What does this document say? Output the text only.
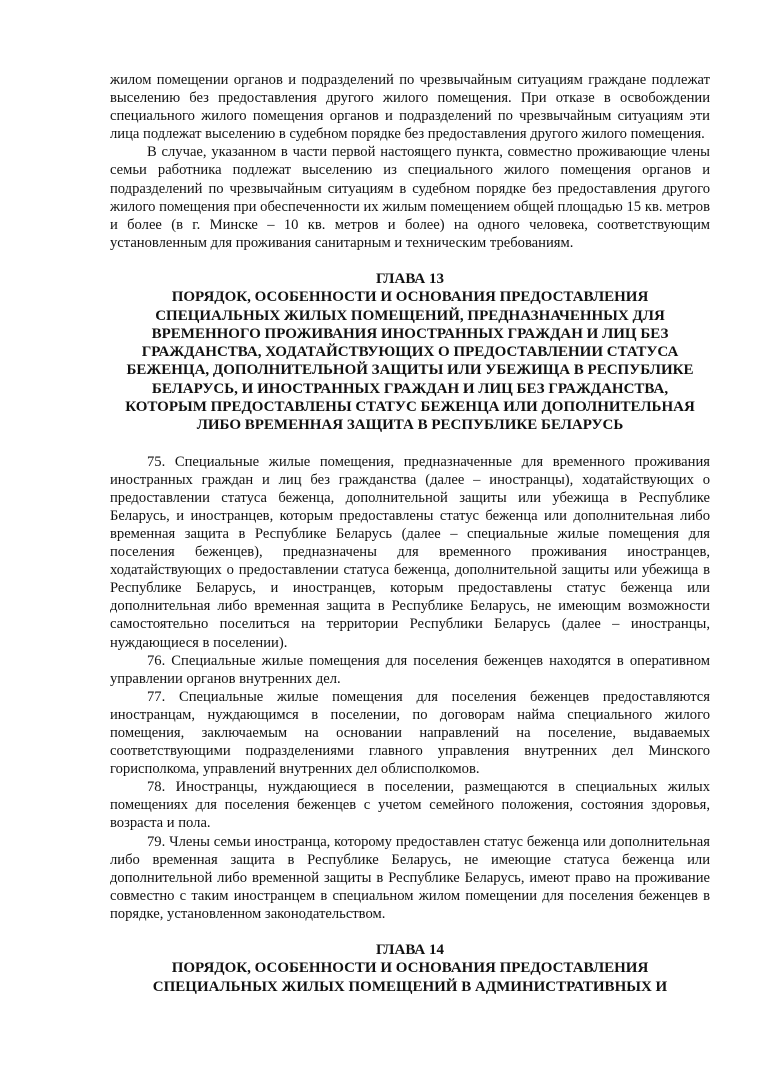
жилом помещении органов и подразделений по чрезвычайным ситуациям граждане подлежат выселению без предоставления другого жилого помещения. При отказе в освобождении специального жилого помещения органов и подразделений по чрезвычайным ситуациям эти лица подлежат выселению в судебном порядке без предоставления другого жилого помещения.

В случае, указанном в части первой настоящего пункта, совместно проживающие члены семьи работника подлежат выселению из специального жилого помещения органов и подразделений по чрезвычайным ситуациям в судебном порядке без предоставления другого жилого помещения при обеспеченности их жилым помещением общей площадью 15 кв. метров и более (в г. Минске – 10 кв. метров и более) на одного человека, соответствующим установленным для проживания санитарным и техническим требованиям.

ГЛАВА 13

ПОРЯДОК, ОСОБЕННОСТИ И ОСНОВАНИЯ ПРЕДОСТАВЛЕНИЯ СПЕЦИАЛЬНЫХ ЖИЛЫХ ПОМЕЩЕНИЙ, ПРЕДНАЗНАЧЕННЫХ ДЛЯ ВРЕМЕННОГО ПРОЖИВАНИЯ ИНОСТРАННЫХ ГРАЖДАН И ЛИЦ БЕЗ ГРАЖДАНСТВА, ХОДАТАЙСТВУЮЩИХ О ПРЕДОСТАВЛЕНИИ СТАТУСА БЕЖЕНЦА, ДОПОЛНИТЕЛЬНОЙ ЗАЩИТЫ ИЛИ УБЕЖИЩА В РЕСПУБЛИКЕ БЕЛАРУСЬ, И ИНОСТРАННЫХ ГРАЖДАН И ЛИЦ БЕЗ ГРАЖДАНСТВА, КОТОРЫМ ПРЕДОСТАВЛЕНЫ СТАТУС БЕЖЕНЦА ИЛИ ДОПОЛНИТЕЛЬНАЯ ЛИБО ВРЕМЕННАЯ ЗАЩИТА В РЕСПУБЛИКЕ БЕЛАРУСЬ

75. Специальные жилые помещения, предназначенные для временного проживания иностранных граждан и лиц без гражданства (далее – иностранцы), ходатайствующих о предоставлении статуса беженца, дополнительной защиты или убежища в Республике Беларусь, и иностранцев, которым предоставлены статус беженца или дополнительная либо временная защита в Республике Беларусь (далее – специальные жилые помещения для поселения беженцев), предназначены для временного проживания иностранцев, ходатайствующих о предоставлении статуса беженца, дополнительной защиты или убежища в Республике Беларусь, и иностранцев, которым предоставлены статус беженца или дополнительная либо временная защита в Республике Беларусь, не имеющим возможности самостоятельно поселиться на территории Республики Беларусь (далее – иностранцы, нуждающиеся в поселении).

76. Специальные жилые помещения для поселения беженцев находятся в оперативном управлении органов внутренних дел.

77. Специальные жилые помещения для поселения беженцев предоставляются иностранцам, нуждающимся в поселении, по договорам найма специального жилого помещения, заключаемым на основании направлений на поселение, выдаваемых соответствующими подразделениями главного управления внутренних дел Минского горисполкома, управлений внутренних дел облисполкомов.

78. Иностранцы, нуждающиеся в поселении, размещаются в специальных жилых помещениях для поселения беженцев с учетом семейного положения, состояния здоровья, возраста и пола.

79. Члены семьи иностранца, которому предоставлен статус беженца или дополнительная либо временная защита в Республике Беларусь, не имеющие статуса беженца или дополнительной либо временной защиты в Республике Беларусь, имеют право на проживание совместно с таким иностранцем в специальном жилом помещении для поселения беженцев в порядке, установленном законодательством.

ГЛАВА 14

ПОРЯДОК, ОСОБЕННОСТИ И ОСНОВАНИЯ ПРЕДОСТАВЛЕНИЯ СПЕЦИАЛЬНЫХ ЖИЛЫХ ПОМЕЩЕНИЙ В АДМИНИСТРАТИВНЫХ И
